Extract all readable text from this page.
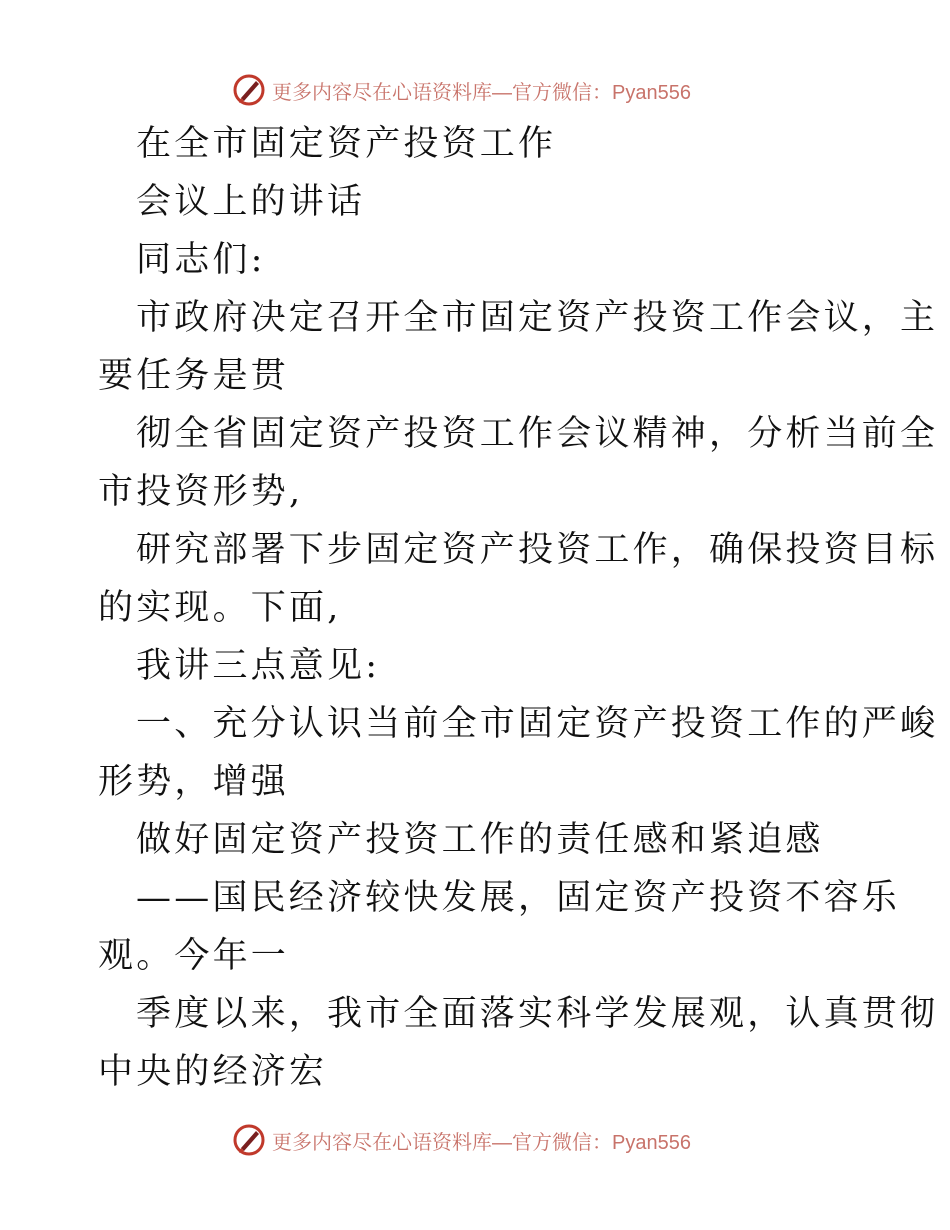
更多内容尽在心语资料库 —官方微信：Pyan556
在全市固定资产投资工作
会议上的讲话
同志们:
市政府决定召开全市固定资产投资工作会议，主
要任务是贯
彻全省固定资产投资工作会议精神，分析当前全
市投资形势,
研究部署下步固定资产投资工作，确保投资目标
的实现。下面,
我讲三点意见:
一、充分认识当前全市固定资产投资工作的严峻
形势，增强
做好固定资产投资工作的责任感和紧迫感
——国民经济较快发展，固定资产投资不容乐
观。今年一
季度以来，我市全面落实科学发展观，认真贯彻
中央的经济宏
更多内容尽在心语资料库 —官方微信：Pyan556
